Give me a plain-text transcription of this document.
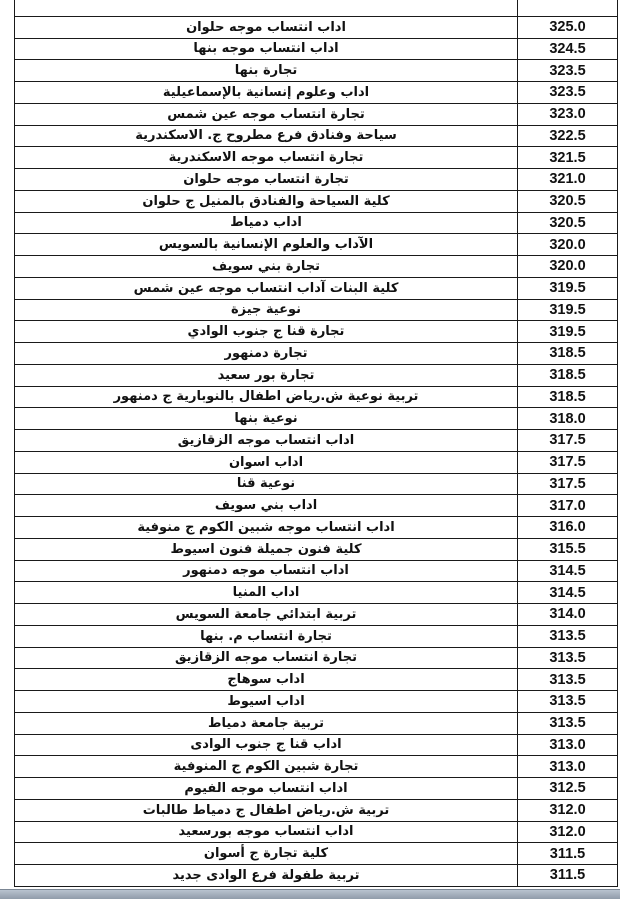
اداب انتساب موجه حلوان	325.0
اداب انتساب موجه بنها	324.5
تجارة بنها	323.5
اداب وعلوم إنسانية بالإسماعيلية	323.5
تجارة انتساب موجه عين شمس	323.0
سياحة وفنادق فرع مطروح ج. الاسكندرية	322.5
تجارة انتساب موجه الاسكندرية	321.5
تجارة انتساب موجه حلوان	321.0
كلية السياحة والفنادق بالمنيل ج حلوان	320.5
اداب دمياط	320.5
الآداب والعلوم الإنسانية بالسويس	320.0
تجارة بني سويف	320.0
كلية البنات آداب انتساب موجه عين شمس	319.5
نوعية جيزة	319.5
تجارة قنا ج جنوب الوادي	319.5
تجارة دمنهور	318.5
تجارة بور سعيد	318.5
تربية نوعية ش.رياض اطفال بالنوبارية ج دمنهور	318.5
نوعية بنها	318.0
اداب انتساب موجه الزقازيق	317.5
اداب اسوان	317.5
نوعية قنا	317.5
اداب بني سويف	317.0
اداب انتساب موجه شبين الكوم ج منوفية	316.0
كلية فنون جميلة فنون اسيوط	315.5
اداب انتساب موجه دمنهور	314.5
اداب المنيا	314.5
تربية ابتدائي جامعة السويس	314.0
تجارة انتساب م. بنها	313.5
تجارة انتساب موجه الزقازيق	313.5
اداب سوهاج	313.5
اداب اسيوط	313.5
تربية جامعة دمياط	313.5
اداب قنا ج جنوب الوادى	313.0
تجارة شبين الكوم ج المنوفية	313.0
اداب انتساب موجه الفيوم	312.5
تربية ش.رياض اطفال ج دمياط طالبات	312.0
اداب انتساب موجه بورسعيد	312.0
كلية تجارة ج أسوان	311.5
تربية طفولة فرع الوادى جديد	311.5
